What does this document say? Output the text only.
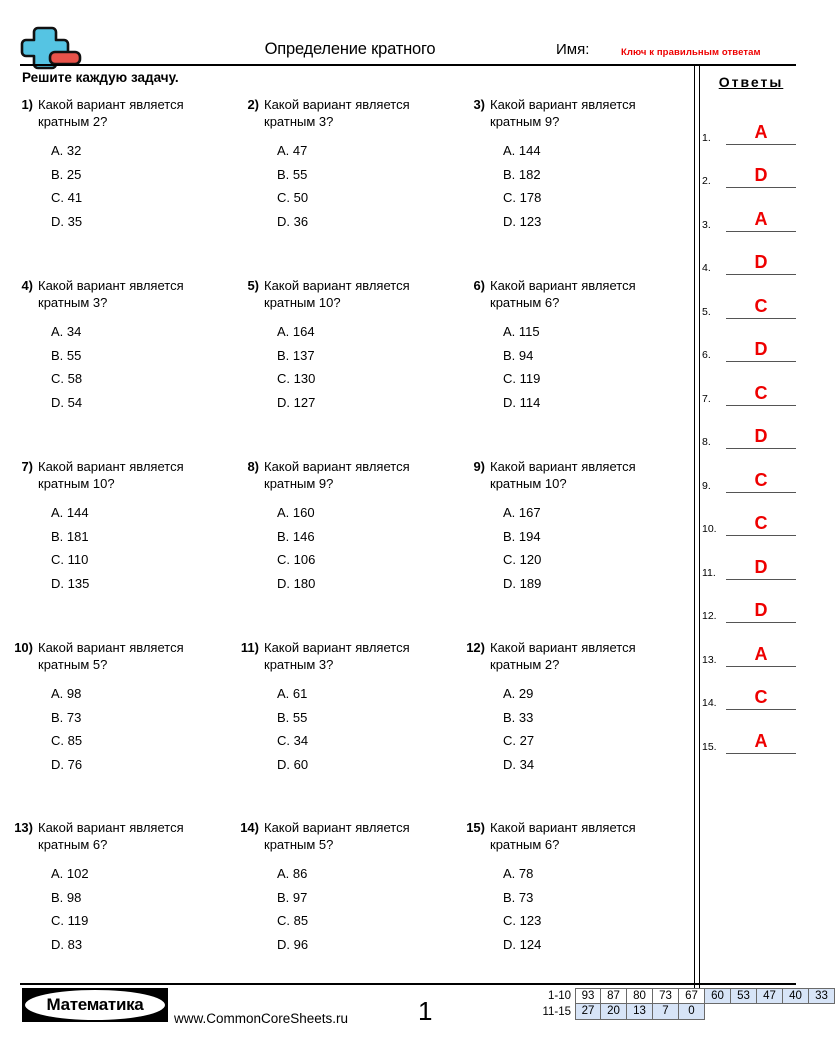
Определение кратного	Имя:	Ключ к правильным ответам
Решите каждую задачу.
1) Какой вариант является кратным 2?
A. 32
B. 25
C. 41
D. 35
2) Какой вариант является кратным 3?
A. 47
B. 55
C. 50
D. 36
3) Какой вариант является кратным 9?
A. 144
B. 182
C. 178
D. 123
4) Какой вариант является кратным 3?
A. 34
B. 55
C. 58
D. 54
5) Какой вариант является кратным 10?
A. 164
B. 137
C. 130
D. 127
6) Какой вариант является кратным 6?
A. 115
B. 94
C. 119
D. 114
7) Какой вариант является кратным 10?
A. 144
B. 181
C. 110
D. 135
8) Какой вариант является кратным 9?
A. 160
B. 146
C. 106
D. 180
9) Какой вариант является кратным 10?
A. 167
B. 194
C. 120
D. 189
10) Какой вариант является кратным 5?
A. 98
B. 73
C. 85
D. 76
11) Какой вариант является кратным 3?
A. 61
B. 55
C. 34
D. 60
12) Какой вариант является кратным 2?
A. 29
B. 33
C. 27
D. 34
13) Какой вариант является кратным 6?
A. 102
B. 98
C. 119
D. 83
14) Какой вариант является кратным 5?
A. 86
B. 97
C. 85
D. 96
15) Какой вариант является кратным 6?
A. 78
B. 73
C. 123
D. 124
Ответы
1.	A
2.	D
3.	A
4.	D
5.	C
6.	D
7.	C
8.	D
9.	C
10.	C
11.	D
12.	D
13.	A
14.	C
15.	A
Математика
www.CommonCoreSheets.ru	1	1-10 93	87	80	73	67	60	53	47	40	33
11-15 27	20	13	7	0
